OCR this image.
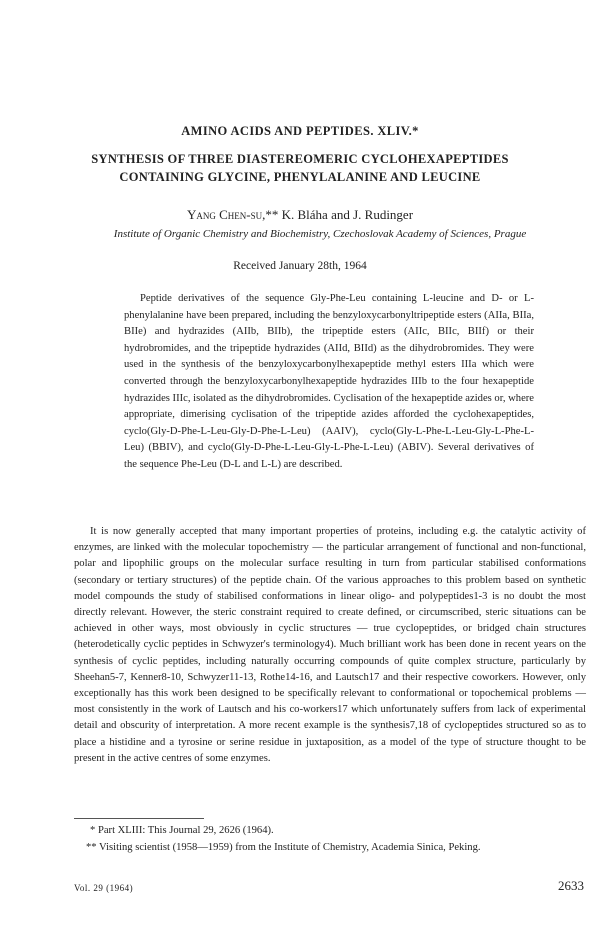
AMINO ACIDS AND PEPTIDES. XLIV.*
SYNTHESIS OF THREE DIASTEREOMERIC CYCLOHEXAPEPTIDES
CONTAINING GLYCINE, PHENYLALANINE AND LEUCINE
Yang Chen-su,** K. Bláha and J. Rudinger
Institute of Organic Chemistry and Biochemistry, Czechoslovak Academy of Sciences, Prague
Received January 28th, 1964
Peptide derivatives of the sequence Gly-Phe-Leu containing L-leucine and D- or L-phenylalanine have been prepared, including the benzyloxycarbonyltripeptide esters (AIIa, BIIa, BIIe) and hydrazides (AIIb, BIIb), the tripeptide esters (AIIc, BIIc, BIIf) or their hydrobromides, and the tripeptide hydrazides (AIId, BIId) as the dihydrobromides. They were used in the synthesis of the benzyloxycarbonylhexapeptide methyl esters IIIa which were converted through the benzyloxycarbonylhexapeptide hydrazides IIIb to the four hexapeptide hydrazides IIIc, isolated as the dihydrobromides. Cyclisation of the hexapeptide azides or, where appropriate, dimerising cyclisation of the tripeptide azides afforded the cyclohexapeptides, cyclo(Gly-D-Phe-L-Leu-Gly-D-Phe-L-Leu) (AAIV), cyclo(Gly-L-Phe-L-Leu-Gly-L-Phe-L-Leu) (BBIV), and cyclo(Gly-D-Phe-L-Leu-Gly-L-Phe-L-Leu) (ABIV). Several derivatives of the sequence Phe-Leu (D-L and L-L) are described.
It is now generally accepted that many important properties of proteins, including e.g. the catalytic activity of enzymes, are linked with the molecular topochemistry — the particular arrangement of functional and non-functional, polar and lipophilic groups on the molecular surface resulting in turn from particular stabilised conformations (secondary or tertiary structures) of the peptide chain. Of the various approaches to this problem based on synthetic model compounds the study of stabilised conformations in linear oligo- and polypeptides1-3 is no doubt the most directly relevant. However, the steric constraint required to create defined, or circumscribed, steric situations can be achieved in other ways, most obviously in cyclic structures — true cyclopeptides, or bridged chain structures (heterodetically cyclic peptides in Schwyzer's terminology4). Much brilliant work has been done in recent years on the synthesis of cyclic peptides, including naturally occurring compounds of quite complex structure, particularly by Sheehan5-7, Kenner8-10, Schwyzer11-13, Rothe14-16, and Lautsch17 and their respective coworkers. However, only exceptionally has this work been designed to be specifically relevant to conformational or topochemical problems — most consistently in the work of Lautsch and his co-workers17 which unfortunately suffers from lack of experimental detail and obscurity of interpretation. A more recent example is the synthesis7,18 of cyclopeptides structured so as to place a histidine and a tyrosine or serine residue in juxtaposition, as a model of the type of structure thought to be present in the active centres of some enzymes.
* Part XLIII: This Journal 29, 2626 (1964).
** Visiting scientist (1958—1959) from the Institute of Chemistry, Academia Sinica, Peking.
Vol. 29 (1964)	2633
